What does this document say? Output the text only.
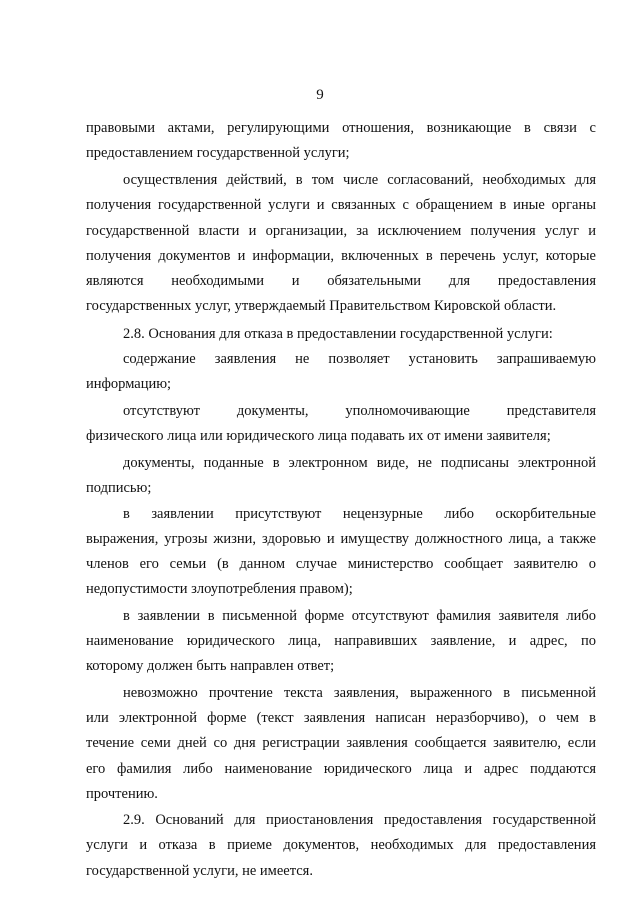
9
правовыми актами, регулирующими отношения, возникающие в связи с
предоставлением государственной услуги;
осуществления действий, в том числе согласований, необходимых для
получения государственной услуги и связанных с обращением в иные органы
государственной власти и организации, за исключением получения услуг и
получения документов и информации, включенных в перечень услуг, которые
являются необходимыми и обязательными для предоставления
государственных услуг, утверждаемый Правительством Кировской области.
2.8. Основания для отказа в предоставлении государственной услуги:
содержание заявления не позволяет установить запрашиваемую
информацию;
отсутствуют документы, уполномочивающие представителя
физического лица или юридического лица подавать их от имени заявителя;
документы, поданные в электронном виде, не подписаны электронной
подписью;
в заявлении присутствуют нецензурные либо оскорбительные
выражения, угрозы жизни, здоровью и имуществу должностного лица, а также
членов его семьи (в данном случае министерство сообщает заявителю о
недопустимости злоупотребления правом);
в заявлении в письменной форме отсутствуют фамилия заявителя либо
наименование юридического лица, направивших заявление, и адрес, по
которому должен быть направлен ответ;
невозможно прочтение текста заявления, выраженного в письменной
или электронной форме (текст заявления написан неразборчиво), о чем в
течение семи дней со дня регистрации заявления сообщается заявителю, если
его фамилия либо наименование юридического лица и адрес поддаются
прочтению.
2.9. Оснований для приостановления предоставления государственной
услуги и отказа в приеме документов, необходимых для предоставления
государственной услуги, не имеется.
